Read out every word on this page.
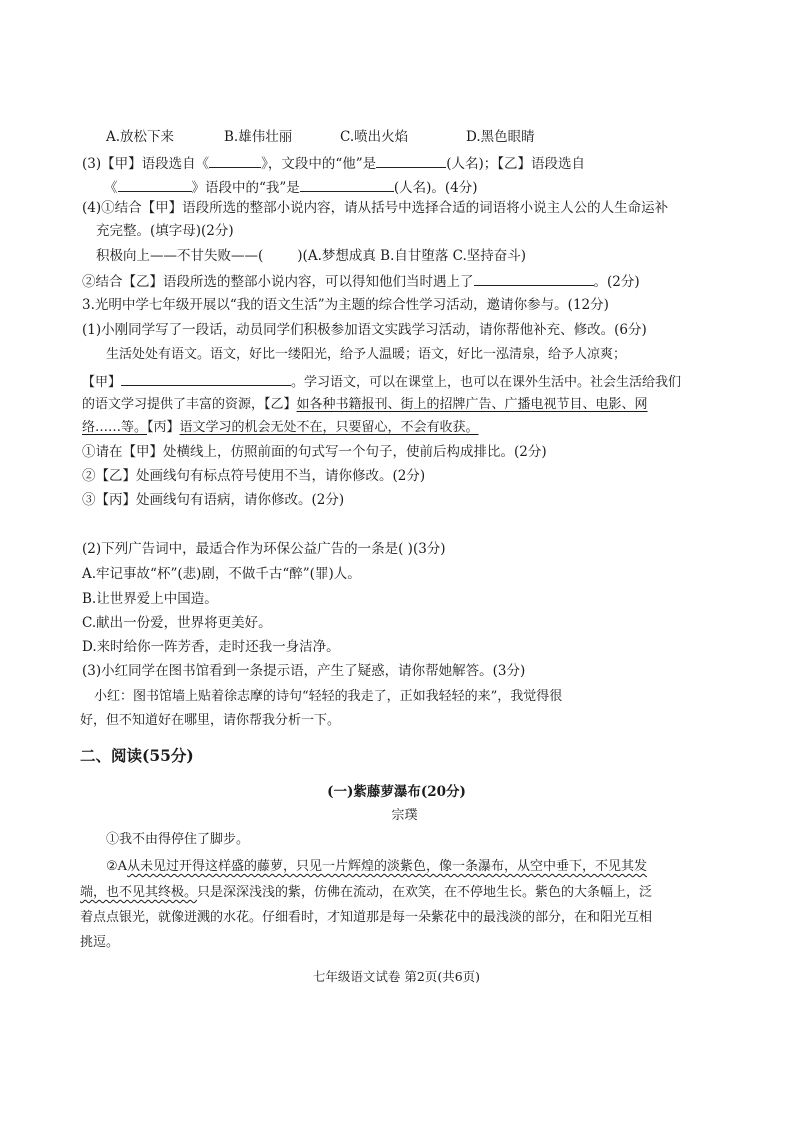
A.放松下来	B.雄伟壮丽	C.喷出火焰	D.黑色眼睛
(3)【甲】语段选自《	》，文段中的“他”是	(人名)；【乙】语段选自
《	》语段中的“我”是	(人名)。(4分)
(4)①结合【甲】语段所选的整部小说内容，请从括号中选择合适的词语将小说主人公的人生命运补
充完整。(填字母)(2分)
积极向上——不甘失败——(	)(A.梦想成真 B.自甘堕落 C.坚持奋斗)
②结合【乙】语段所选的整部小说内容，可以得知他们当时遇上了	。(2分)
3.光明中学七年级开展以“我的语文生活”为主题的综合性学习活动，邀请你参与。(12分)
(1)小刚同学写了一段话，动员同学们积极参加语文实践学习活动，请你帮他补充、修改。(6分)
生活处处有语文。语文，好比一缕阳光，给予人温暖；语文，好比一泓清泉，给予人凉爽；
【甲】	。学习语文，可以在课堂上，也可以在课外生活中。社会生活给我们
的语文学习提供了丰富的资源，【乙】如各种书籍报刊、街上的招牌广告、广播电视节目、电影、网
络……等。【丙】语文学习的机会无处不在，只要留心，不会有收获。
①请在【甲】处横线上，仿照前面的句式写一个句子，使前后构成排比。(2分)
②【乙】处画线句有标点符号使用不当，请你修改。(2分)
③【丙】处画线句有语病，请你修改。(2分)
(2)下列广告词中，最适合作为环保公益广告的一条是( )(3分)
A.牢记事故“杯”(悲)剧，不做千古“醉”(罪)人。
B.让世界爱上中国造。
C.献出一份爱，世界将更美好。
D.来时给你一阵芳香，走时还我一身洁净。
(3)小红同学在图书馆看到一条提示语，产生了疑惑，请你帮她解答。(3分)
小红：图书馆墙上贴着徐志摩的诗句“轻轻的我走了，正如我轻轻的来”，我觉得很
好，但不知道好在哪里，请你帮我分析一下。
二、阅读(55分)
(一)紫藤萝瀑布(20分)
宗璞
①我不由得停住了脚步。
②A从未见过开得这样盛的藤萝，只见一片辉煌的淡紫色，像一条瀑布，从空中垂下，不见其发
端，也不见其终极。只是深深浅浅的紫，仿佛在流动，在欢笑，在不停地生长。紫色的大条幅上，泛
着点点银光，就像迸溅的水花。仔细看时，才知道那是每一朵紫花中的最浅淡的部分，在和阳光互相
挑逗。
七年级语文试卷 第2页(共6页)
